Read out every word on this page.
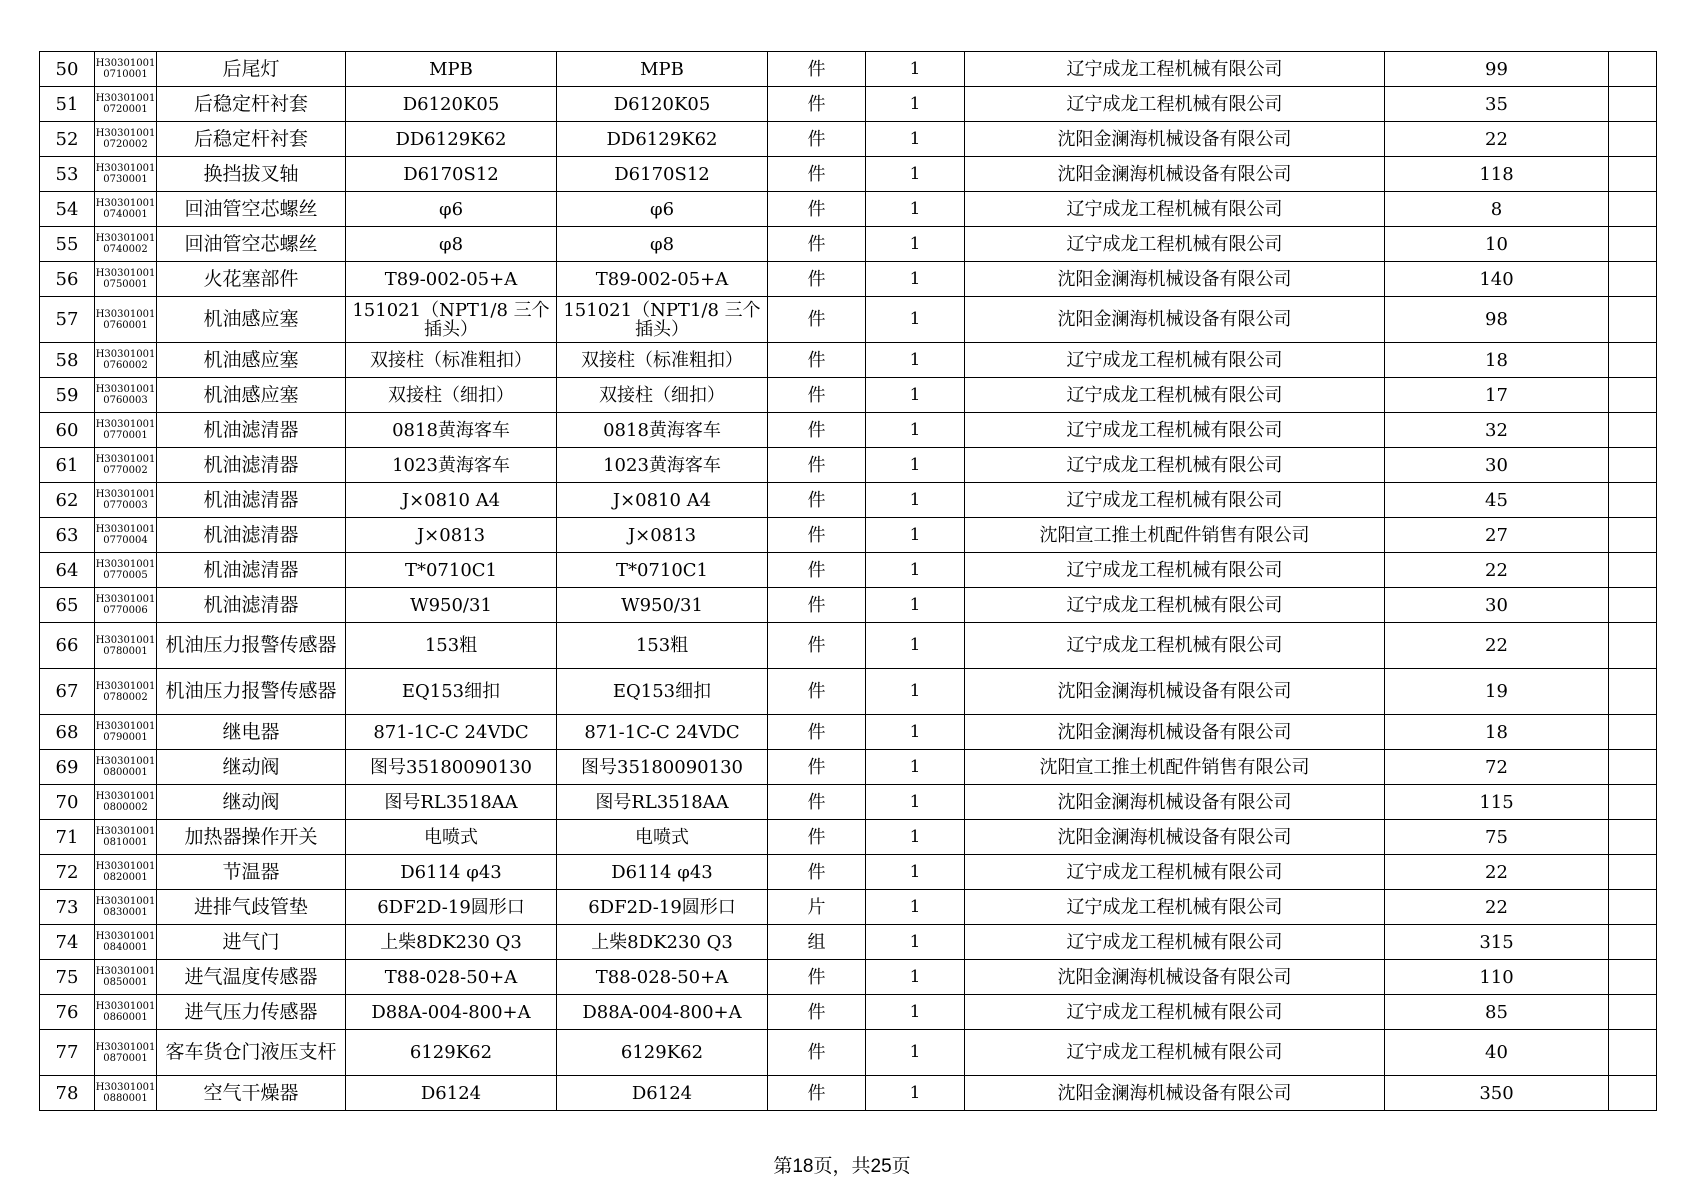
50	H30301001 0710001	后尾灯	MPB	MPB	件	1	辽宁成龙工程机械有限公司	99	
51	H30301001 0720001	后稳定杆衬套	D6120K05	D6120K05	件	1	辽宁成龙工程机械有限公司	35	
52	H30301001 0720002	后稳定杆衬套	DD6129K62	DD6129K62	件	1	沈阳金澜海机械设备有限公司	22	
53	H30301001 0730001	换挡拔叉轴	D6170S12	D6170S12	件	1	沈阳金澜海机械设备有限公司	118	
54	H30301001 0740001	回油管空芯螺丝	φ6	φ6	件	1	辽宁成龙工程机械有限公司	8	
55	H30301001 0740002	回油管空芯螺丝	φ8	φ8	件	1	辽宁成龙工程机械有限公司	10	
56	H30301001 0750001	火花塞部件	T89-002-05+A	T89-002-05+A	件	1	沈阳金澜海机械设备有限公司	140	
57	H30301001 0760001	机油感应塞	151021（NPT1/8 三个插头）	151021（NPT1/8 三个插头）	件	1	沈阳金澜海机械设备有限公司	98	
58	H30301001 0760002	机油感应塞	双接柱（标准粗扣）	双接柱（标准粗扣）	件	1	辽宁成龙工程机械有限公司	18	
59	H30301001 0760003	机油感应塞	双接柱（细扣）	双接柱（细扣）	件	1	辽宁成龙工程机械有限公司	17	
60	H30301001 0770001	机油滤清器	0818黄海客车	0818黄海客车	件	1	辽宁成龙工程机械有限公司	32	
61	H30301001 0770002	机油滤清器	1023黄海客车	1023黄海客车	件	1	辽宁成龙工程机械有限公司	30	
62	H30301001 0770003	机油滤清器	J×0810 A4	J×0810 A4	件	1	辽宁成龙工程机械有限公司	45	
63	H30301001 0770004	机油滤清器	J×0813	J×0813	件	1	沈阳宣工推土机配件销售有限公司	27	
64	H30301001 0770005	机油滤清器	T*0710C1	T*0710C1	件	1	辽宁成龙工程机械有限公司	22	
65	H30301001 0770006	机油滤清器	W950/31	W950/31	件	1	辽宁成龙工程机械有限公司	30	
66	H30301001 0780001	机油压力报警传感器	153粗	153粗	件	1	辽宁成龙工程机械有限公司	22	
67	H30301001 0780002	机油压力报警传感器	EQ153细扣	EQ153细扣	件	1	沈阳金澜海机械设备有限公司	19	
68	H30301001 0790001	继电器	871-1C-C 24VDC	871-1C-C 24VDC	件	1	沈阳金澜海机械设备有限公司	18	
69	H30301001 0800001	继动阀	图号35180090130	图号35180090130	件	1	沈阳宣工推土机配件销售有限公司	72	
70	H30301001 0800002	继动阀	图号RL3518AA	图号RL3518AA	件	1	沈阳金澜海机械设备有限公司	115	
71	H30301001 0810001	加热器操作开关	电喷式	电喷式	件	1	沈阳金澜海机械设备有限公司	75	
72	H30301001 0820001	节温器	D6114 φ43	D6114 φ43	件	1	辽宁成龙工程机械有限公司	22	
73	H30301001 0830001	进排气歧管垫	6DF2D-19圆形口	6DF2D-19圆形口	片	1	辽宁成龙工程机械有限公司	22	
74	H30301001 0840001	进气门	上柴8DK230 Q3	上柴8DK230 Q3	组	1	辽宁成龙工程机械有限公司	315	
75	H30301001 0850001	进气温度传感器	T88-028-50+A	T88-028-50+A	件	1	沈阳金澜海机械设备有限公司	110	
76	H30301001 0860001	进气压力传感器	D88A-004-800+A	D88A-004-800+A	件	1	辽宁成龙工程机械有限公司	85	
77	H30301001 0870001	客车货仓门液压支杆	6129K62	6129K62	件	1	辽宁成龙工程机械有限公司	40	
78	H30301001 0880001	空气干燥器	D6124	D6124	件	1	沈阳金澜海机械设备有限公司	350	
第18页，共25页
